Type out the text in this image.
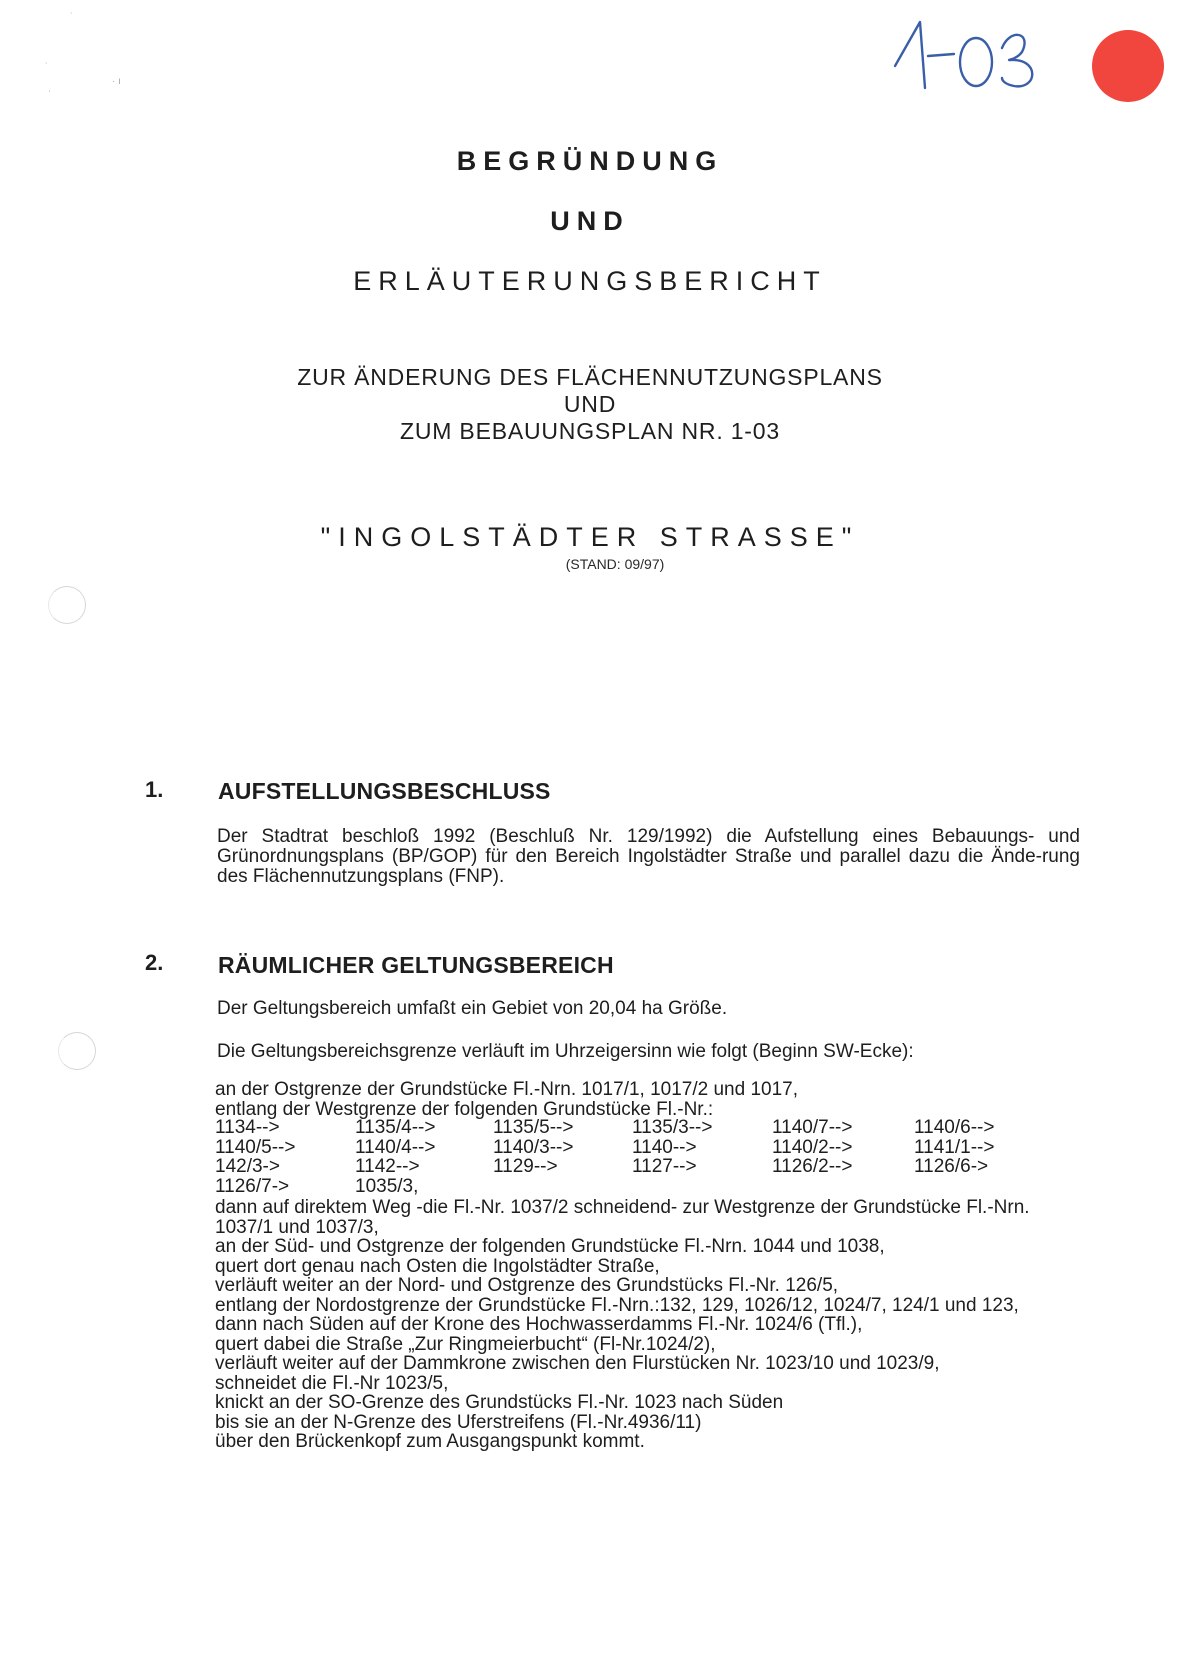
˙
˙
ˌ
· ı
BEGRÜNDUNG
UND
ERLÄUTERUNGSBERICHT
ZUR ÄNDERUNG DES FLÄCHENNUTZUNGSPLANS
UND
ZUM BEBAUUNGSPLAN NR. 1-03
"INGOLSTÄDTER STRASSE"
(STAND: 09/97)
1. AUFSTELLUNGSBESCHLUSS
Der Stadtrat beschloß 1992 (Beschluß Nr. 129/1992) die Aufstellung eines Bebauungs- und Grünordnungsplans (BP/GOP) für den Bereich Ingolstädter Straße und parallel dazu die Ände-rung des Flächennutzungsplans (FNP).
2. RÄUMLICHER GELTUNGSBEREICH
Der Geltungsbereich umfaßt ein Gebiet von 20,04 ha Größe.
Die Geltungsbereichsgrenze verläuft im Uhrzeigersinn wie folgt (Beginn SW-Ecke):
an der Ostgrenze der Grundstücke Fl.-Nrn. 1017/1, 1017/2 und 1017,
entlang der Westgrenze der folgenden Grundstücke Fl.-Nr.:
1134-->	1135/4-->	1135/5-->	1135/3-->	1140/7-->	1140/6-->
1140/5-->	1140/4-->	1140/3-->	1140-->	1140/2-->	1141/1-->
142/3->	1142-->	1129-->	1127-->	1126/2-->	1126/6->
1126/7->	1035/3,
dann auf direktem Weg -die Fl.-Nr. 1037/2 schneidend- zur Westgrenze der Grundstücke Fl.-Nrn.
1037/1 und 1037/3,
an der Süd- und Ostgrenze der folgenden Grundstücke Fl.-Nrn. 1044 und 1038,
quert dort genau nach Osten die Ingolstädter Straße,
verläuft weiter an der Nord- und Ostgrenze des Grundstücks Fl.-Nr. 126/5,
entlang der Nordostgrenze der Grundstücke Fl.-Nrn.:132, 129, 1026/12, 1024/7, 124/1 und 123,
dann nach Süden auf der Krone des Hochwasserdamms Fl.-Nr. 1024/6 (Tfl.),
quert dabei die Straße „Zur Ringmeierbucht“ (Fl-Nr.1024/2),
verläuft weiter auf der Dammkrone zwischen den Flurstücken Nr. 1023/10 und 1023/9,
schneidet die Fl.-Nr 1023/5,
knickt an der SO-Grenze des Grundstücks Fl.-Nr. 1023 nach Süden
bis sie an der N-Grenze des Uferstreifens (Fl.-Nr.4936/11)
über den Brückenkopf zum Ausgangspunkt kommt.
